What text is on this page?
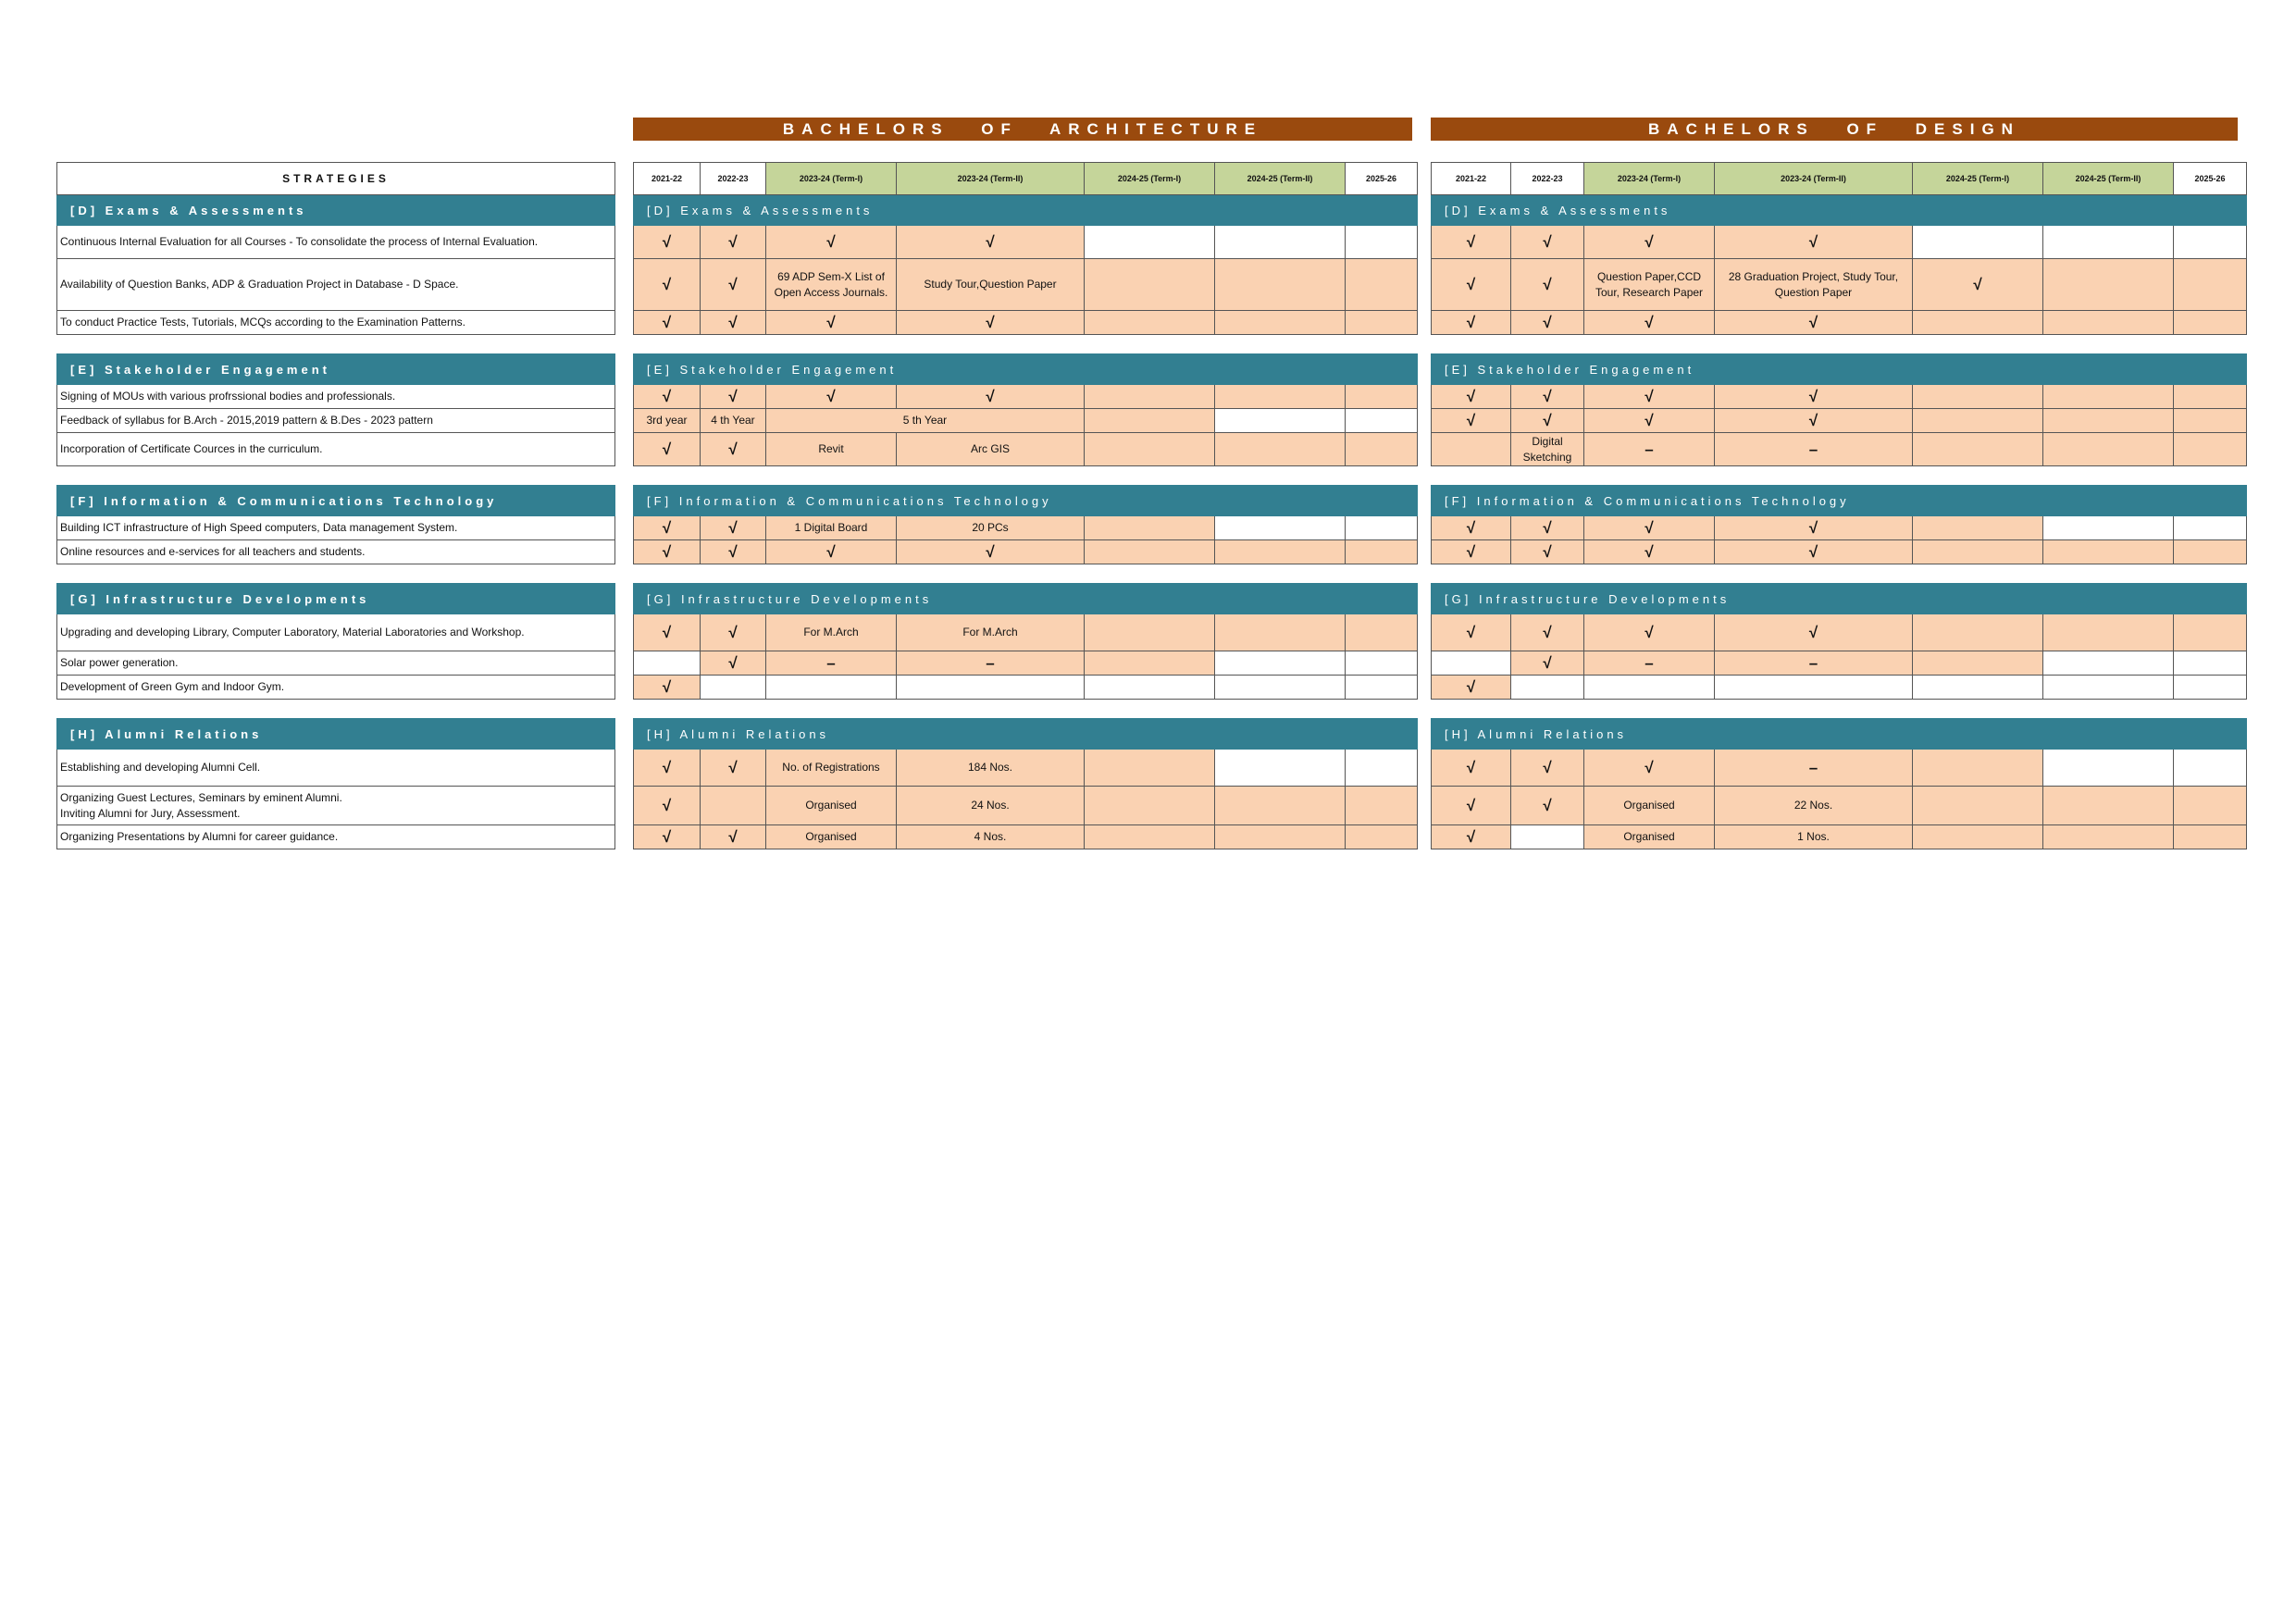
STRATEGIES
[D] Exams & Assessments
Continuous Internal Evaluation for all Courses - To consolidate the process of Internal Evaluation.
Availability of Question Banks, ADP & Graduation Project in Database - D Space.
To conduct Practice Tests, Tutorials, MCQs according to the Examination Patterns.

[E] Stakeholder Engagement
Signing of MOUs with various profrssional bodies and professionals.
Feedback of syllabus for B.Arch - 2015,2019 pattern & B.Des - 2023 pattern
Incorporation of Certificate Cources in the curriculum.

[F] Information & Communications Technology
Building ICT infrastructure of High Speed computers, Data management System.
Online resources and e-services for all teachers and students.

[G] Infrastructure Developments
Upgrading and developing Library, Computer Laboratory, Material Laboratories and Workshop.
Solar power generation.
Development of Green Gym and Indoor Gym.

[H] Alumni Relations
Establishing and developing Alumni Cell.
Organizing Guest Lectures, Seminars by eminent Alumni.
Inviting Alumni for Jury, Assessment.
Organizing Presentations by Alumni for career guidance.
BACHELORS OF ARCHITECTURE
2021-22	2022-23	2023-24 (Term-I)	2023-24 (Term-II)	2024-25 (Term-I)	2024-25 (Term-II)	2025-26
[D] Exams & Assessments						
√	√	√	√			
√	√	69 ADP Sem-X List of Open Access Journals.	Study Tour,Question Paper			
√	√	√	√			

[E] Stakeholder Engagement						
√	√	√	√			
3rd year	4 th Year	5 th Year				
√	√	Revit	Arc GIS			

[F] Information & Communications Technology						
√	√	1 Digital Board	20 PCs			
√	√	√	√			

[G] Infrastructure Developments						
√	√	For M.Arch	For M.Arch			
	√	–	–			
√						

[H] Alumni Relations						
√	√	No. of Registrations	184 Nos.			
√		Organised	24 Nos.			
√	√	Organised	4 Nos.			
BACHELORS OF DESIGN
2021-22	2022-23	2023-24 (Term-I)	2023-24 (Term-II)	2024-25 (Term-I)	2024-25 (Term-II)	2025-26
[D] Exams & Assessments						
√	√	√	√			
√	√	Question Paper,CCD Tour, Research Paper	28 Graduation Project, Study Tour, Question Paper	√		
√	√	√	√			

[E] Stakeholder Engagement						
√	√	√	√			
√	√	√	√			
	Digital Sketching	–	–			

[F] Information & Communications Technology						
√	√	√	√			
√	√	√	√			

[G] Infrastructure Developments						
√	√	√	√			
	√	–	–			
√						

[H] Alumni Relations						
√	√	√	–			
√	√	Organised	22 Nos.			
√		Organised	1 Nos.			
